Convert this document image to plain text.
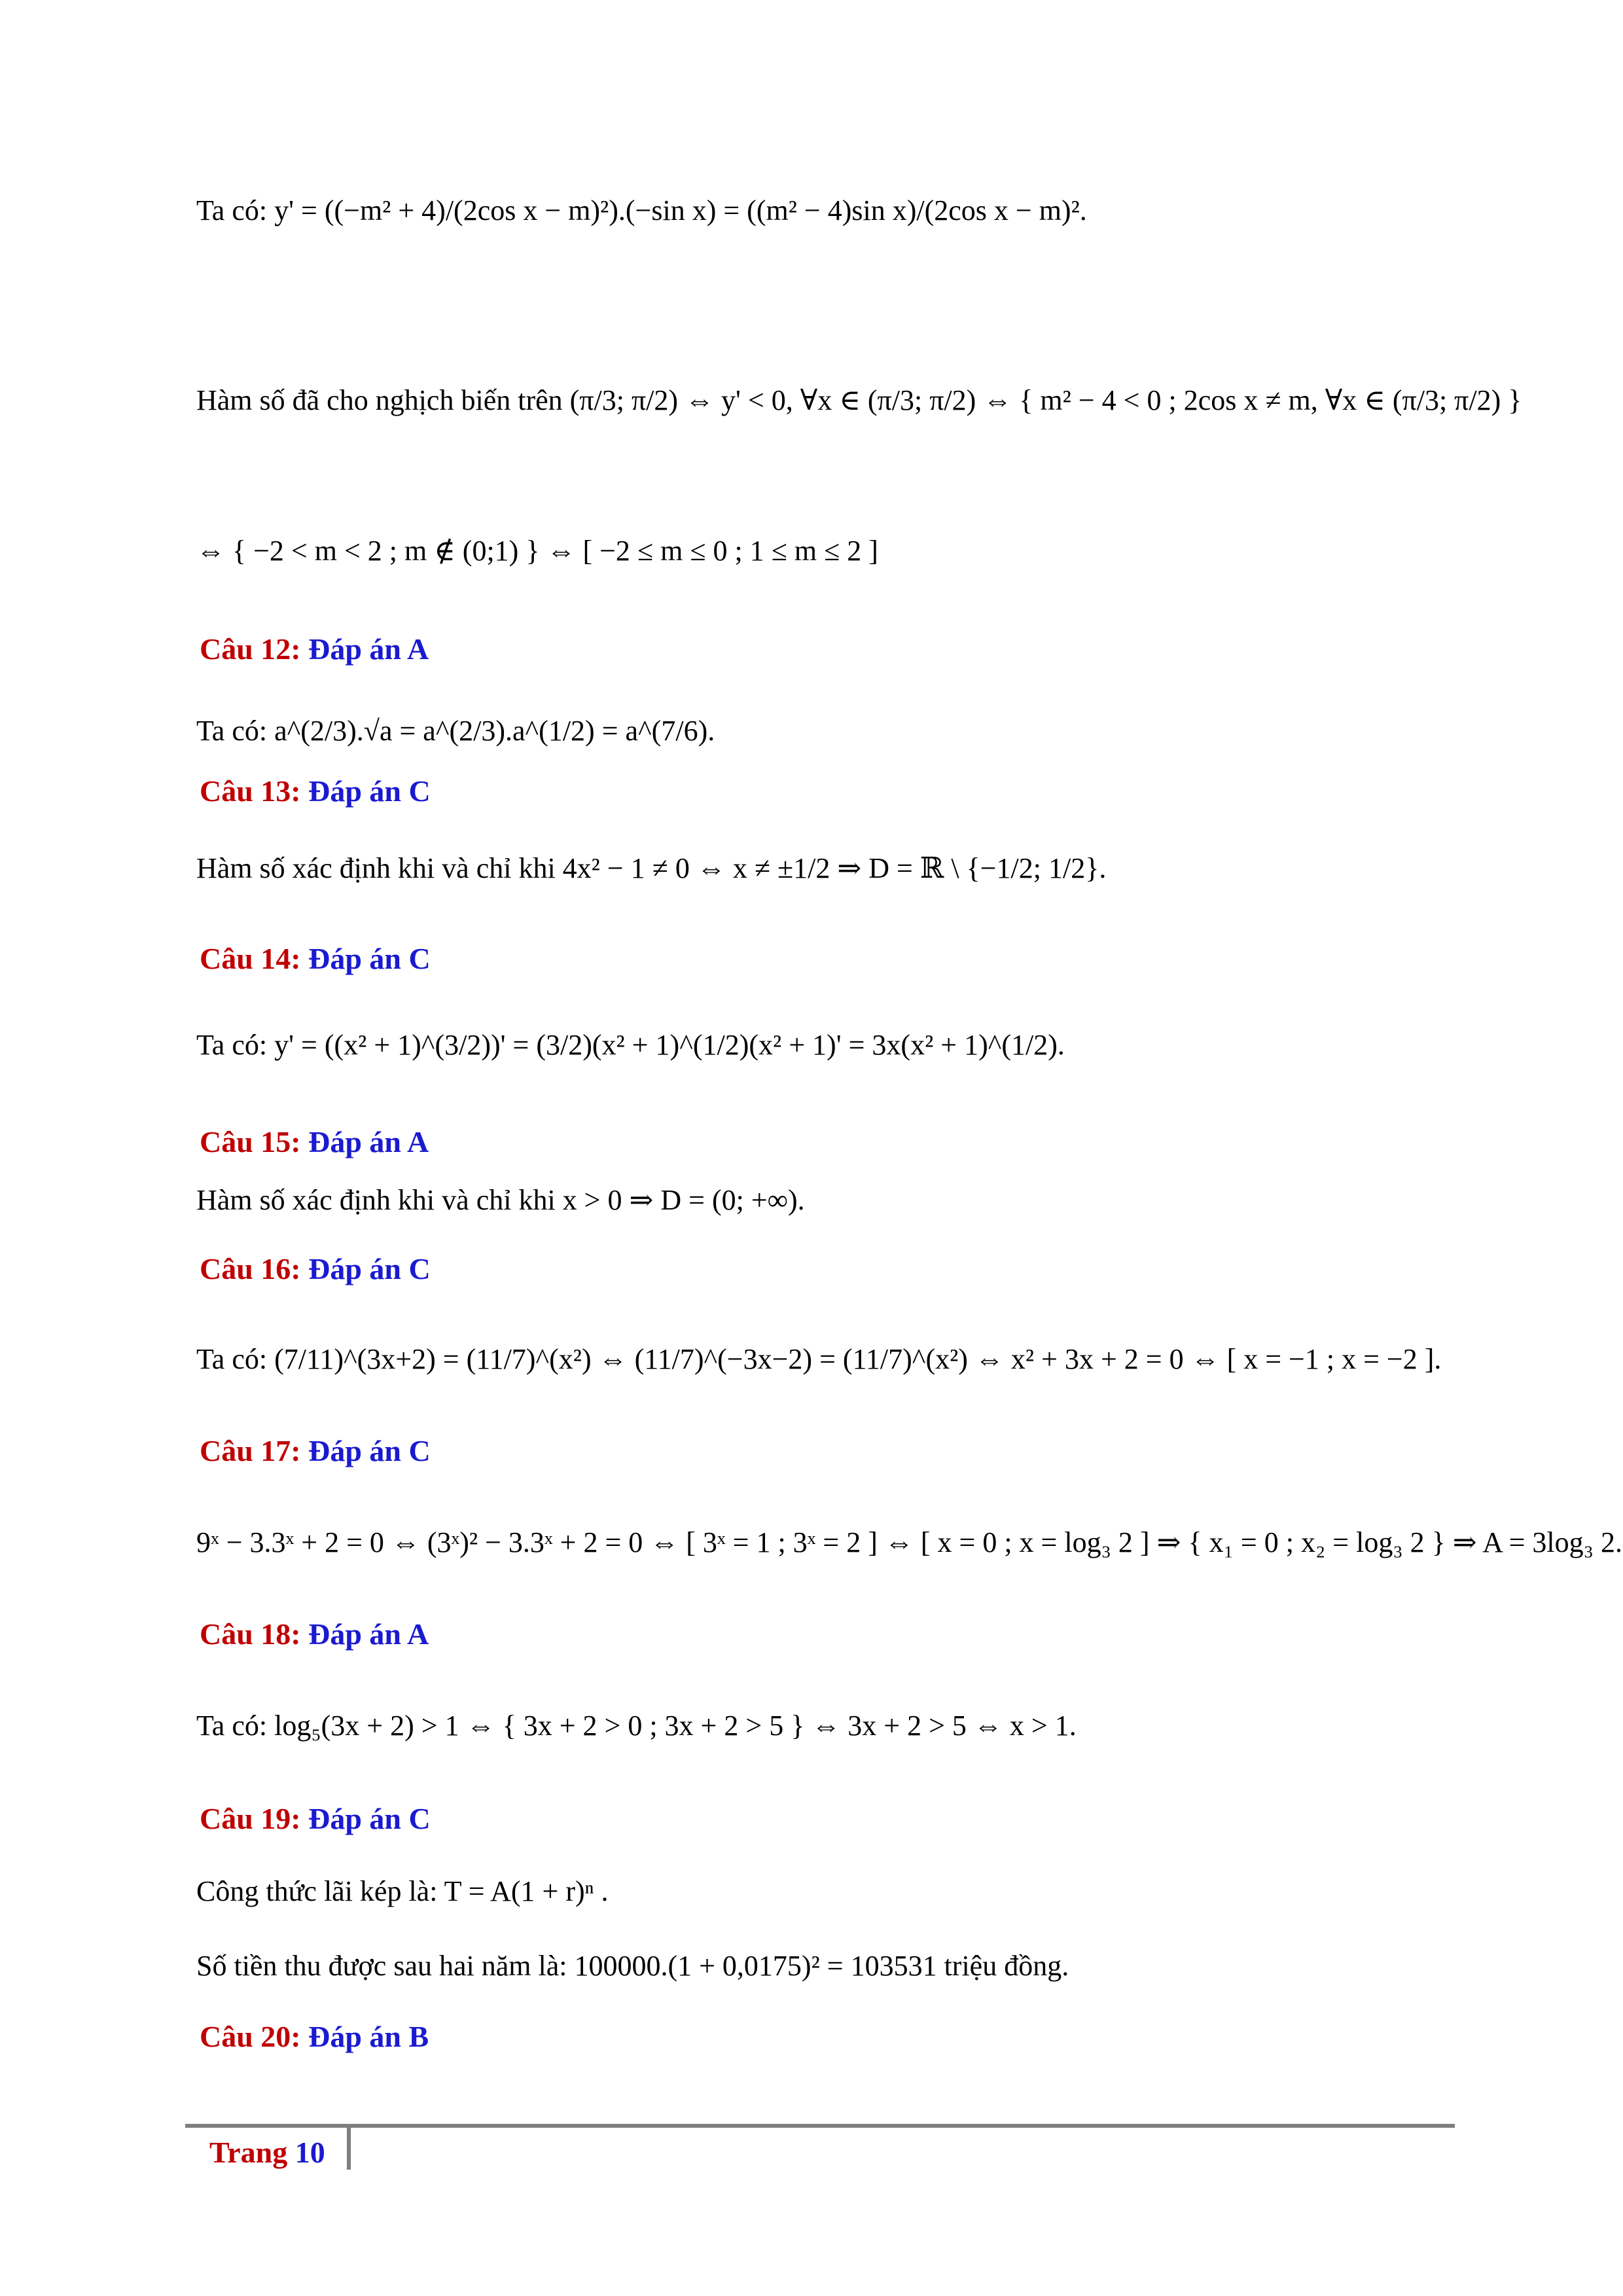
Ta có: y' = ((−m² + 4)/(2cos x − m)²).(−sin x) = ((m² − 4)sin x)/(2cos x − m)².
Hàm số đã cho nghịch biến trên (π/3; π/2) ⇔ y' < 0, ∀x ∈ (π/3; π/2) ⇔ { m² − 4 < 0 ; 2cos x ≠ m, ∀x ∈ (π/3; π/2) }
⇔ { −2 < m < 2 ; m ∉ (0;1) } ⇔ [ −2 ≤ m ≤ 0 ; 1 ≤ m ≤ 2 ]
Câu 12: Đáp án A
Ta có: a^(2/3).√a = a^(2/3).a^(1/2) = a^(7/6).
Câu 13: Đáp án C
Hàm số xác định khi và chỉ khi 4x² − 1 ≠ 0 ⇔ x ≠ ±1/2 ⇒ D = ℝ \ {−1/2; 1/2}.
Câu 14: Đáp án C
Ta có: y' = ((x² + 1)^(3/2))' = (3/2)(x² + 1)^(1/2)(x² + 1)' = 3x(x² + 1)^(1/2).
Câu 15: Đáp án A
Hàm số xác định khi và chỉ khi x > 0 ⇒ D = (0; +∞).
Câu 16: Đáp án C
Ta có: (7/11)^(3x+2) = (11/7)^(x²) ⇔ (11/7)^(−3x−2) = (11/7)^(x²) ⇔ x² + 3x + 2 = 0 ⇔ [ x = −1 ; x = −2 ].
Câu 17: Đáp án C
9ˣ − 3.3ˣ + 2 = 0 ⇔ (3ˣ)² − 3.3ˣ + 2 = 0 ⇔ [ 3ˣ = 1 ; 3ˣ = 2 ] ⇔ [ x = 0 ; x = log₃ 2 ] ⇒ { x₁ = 0 ; x₂ = log₃ 2 } ⇒ A = 3log₃ 2.
Câu 18: Đáp án A
Ta có: log₅(3x + 2) > 1 ⇔ { 3x + 2 > 0 ; 3x + 2 > 5 } ⇔ 3x + 2 > 5 ⇔ x > 1.
Câu 19: Đáp án C
Công thức lãi kép là: T = A(1 + r)ⁿ .
Số tiền thu được sau hai năm là: 100000.(1 + 0,0175)² = 103531 triệu đồng.
Câu 20: Đáp án B
Trang 10
